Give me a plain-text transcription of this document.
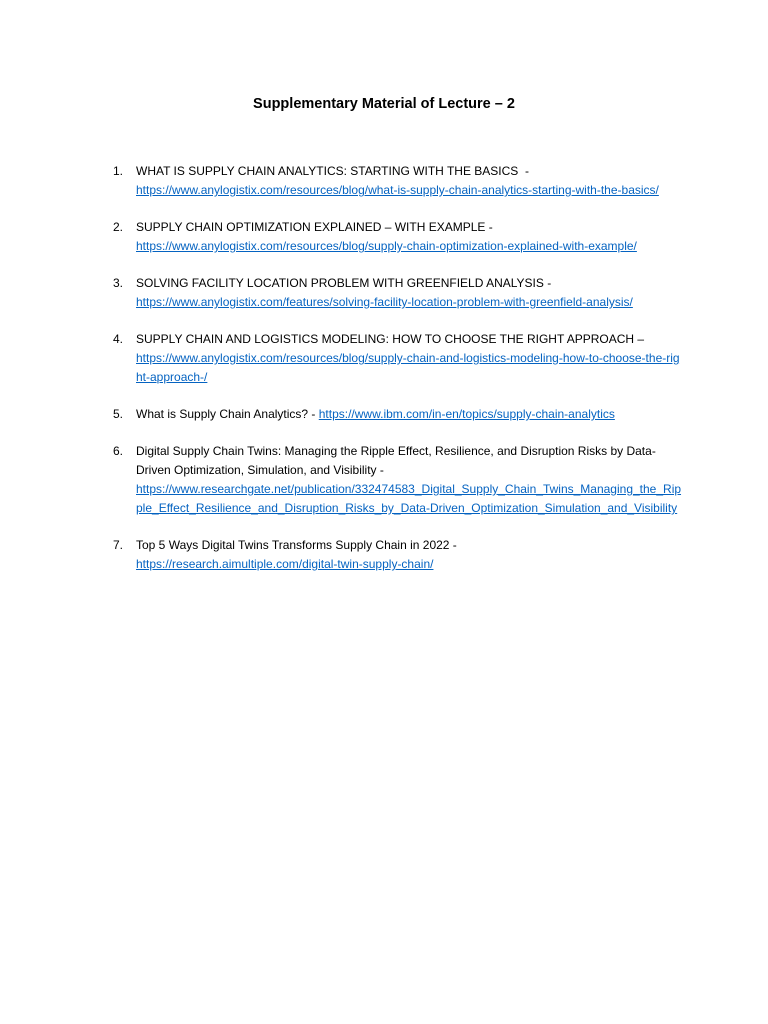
Supplementary Material of Lecture – 2
1.	WHAT IS SUPPLY CHAIN ANALYTICS: STARTING WITH THE BASICS  -
https://www.anylogistix.com/resources/blog/what-is-supply-chain-analytics-starting-with-the-basics/
2.	SUPPLY CHAIN OPTIMIZATION EXPLAINED – WITH EXAMPLE -
https://www.anylogistix.com/resources/blog/supply-chain-optimization-explained-with-example/
3.	SOLVING FACILITY LOCATION PROBLEM WITH GREENFIELD ANALYSIS -
https://www.anylogistix.com/features/solving-facility-location-problem-with-greenfield-analysis/
4.	SUPPLY CHAIN AND LOGISTICS MODELING: HOW TO CHOOSE THE RIGHT APPROACH –
https://www.anylogistix.com/resources/blog/supply-chain-and-logistics-modeling-how-to-choose-the-right-approach-/
5.	What is Supply Chain Analytics? - https://www.ibm.com/in-en/topics/supply-chain-analytics
6.	Digital Supply Chain Twins: Managing the Ripple Effect, Resilience, and Disruption Risks by Data-Driven Optimization, Simulation, and Visibility -
https://www.researchgate.net/publication/332474583_Digital_Supply_Chain_Twins_Managing_the_Ripple_Effect_Resilience_and_Disruption_Risks_by_Data-Driven_Optimization_Simulation_and_Visibility
7.	Top 5 Ways Digital Twins Transforms Supply Chain in 2022 -
https://research.aimultiple.com/digital-twin-supply-chain/
